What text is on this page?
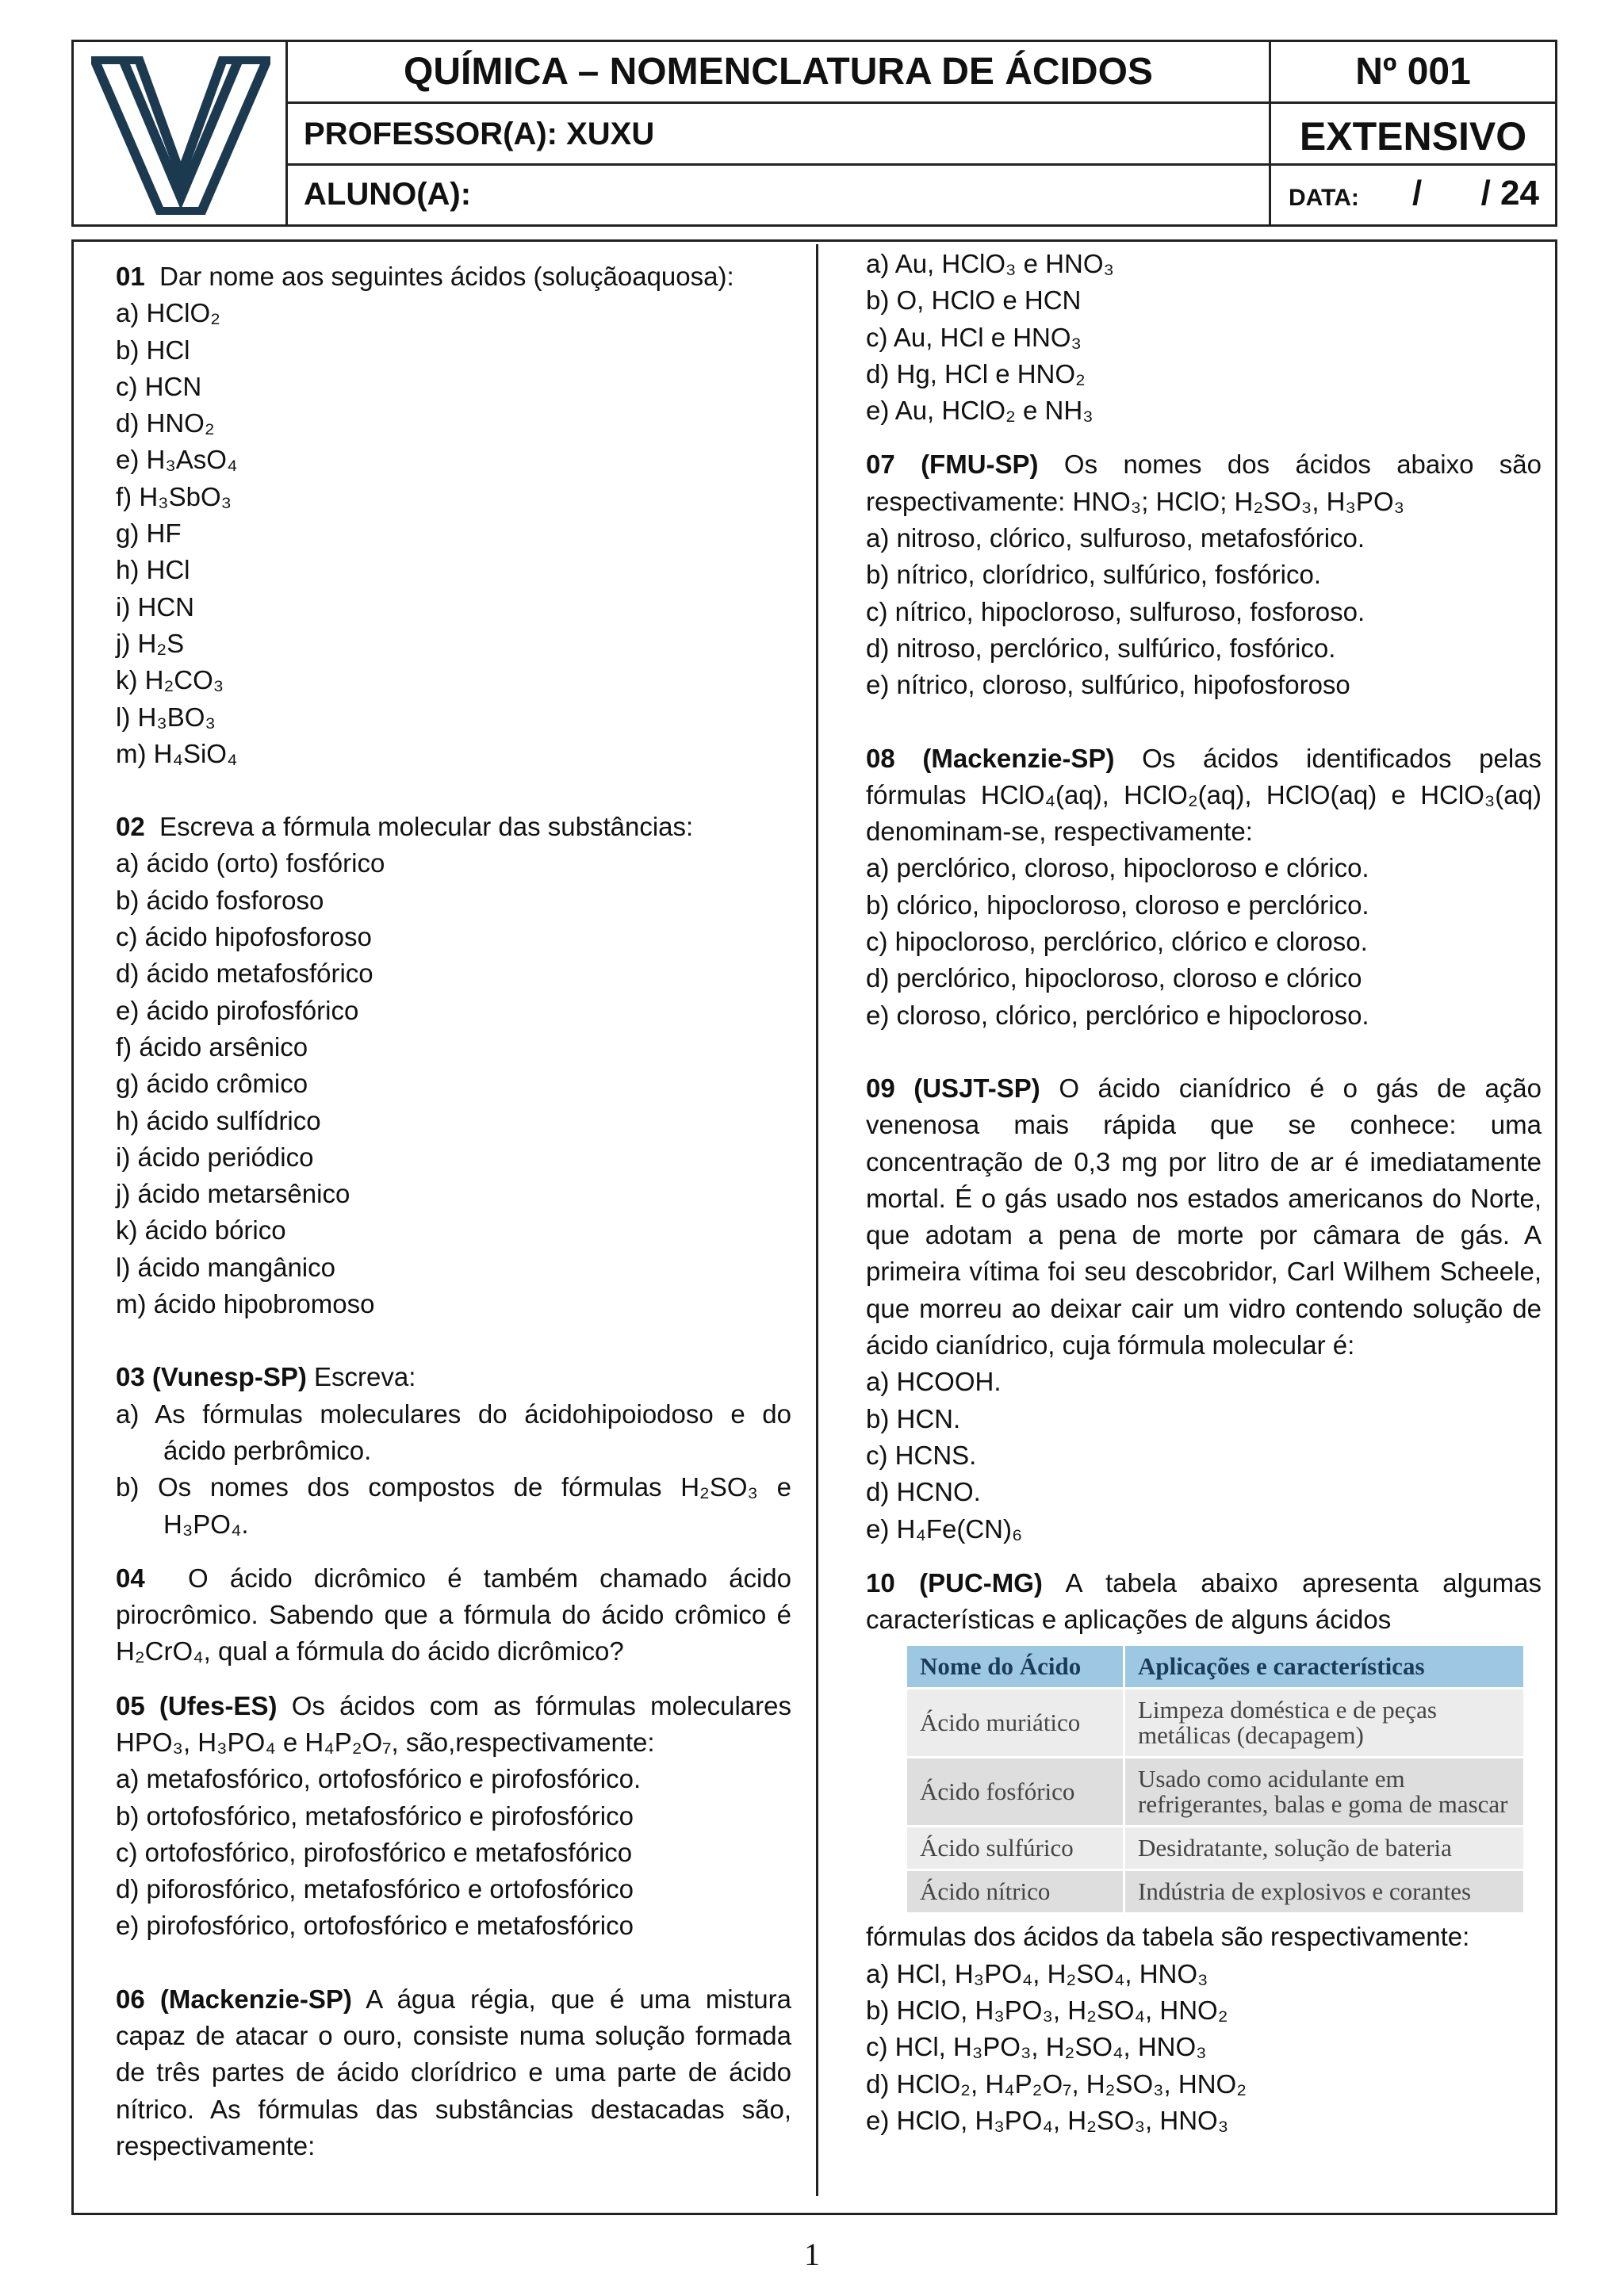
QUÍMICA – NOMENCLATURA DE ÁCIDOS	Nº 001
PROFESSOR(A): XUXU	EXTENSIVO
ALUNO(A):	DATA: / / 24
01 Dar nome aos seguintes ácidos (soluçãoaquosa):
a) HClO₂
b) HCl
c) HCN
d) HNO₂
e) H₃AsO₄
f) H₃SbO₃
g) HF
h) HCl
i) HCN
j) H₂S
k) H₂CO₃
l) H₃BO₃
m) H₄SiO₄
02 Escreva a fórmula molecular das substâncias:
a) ácido (orto) fosfórico
b) ácido fosforoso
c) ácido hipofosforoso
d) ácido metafosfórico
e) ácido pirofosfórico
f) ácido arsênico
g) ácido crômico
h) ácido sulfídrico
i) ácido periódico
j) ácido metarsênico
k) ácido bórico
l) ácido mangânico
m) ácido hipobromoso
03 (Vunesp-SP) Escreva:
a) As fórmulas moleculares do ácidohipoiodoso e do ácido perbrômico.
b) Os nomes dos compostos de fórmulas H₂SO₃ e H₃PO₄.
04 O ácido dicrômico é também chamado ácido pirocrômico. Sabendo que a fórmula do ácido crômico é H₂CrO₄, qual a fórmula do ácido dicrômico?
05 (Ufes-ES) Os ácidos com as fórmulas moleculares HPO₃, H₃PO₄ e H₄P₂O₇, são,respectivamente:
a) metafosfórico, ortofosfórico e pirofosfórico.
b) ortofosfórico, metafosfórico e pirofosfórico
c) ortofosfórico, pirofosfórico e metafosfórico
d) piforosfórico, metafosfórico e ortofosfórico
e) pirofosfórico, ortofosfórico e metafosfórico
06 (Mackenzie-SP) A água régia, que é uma mistura capaz de atacar o ouro, consiste numa solução formada de três partes de ácido clorídrico e uma parte de ácido nítrico. As fórmulas das substâncias destacadas são, respectivamente:
a) Au, HClO₃ e HNO₃
b) O, HClO e HCN
c) Au, HCl e HNO₃
d) Hg, HCl e HNO₂
e) Au, HClO₂ e NH₃
07 (FMU-SP) Os nomes dos ácidos abaixo são respectivamente: HNO₃; HClO; H₂SO₃, H₃PO₃
a) nitroso, clórico, sulfuroso, metafosfórico.
b) nítrico, clorídrico, sulfúrico, fosfórico.
c) nítrico, hipocloroso, sulfuroso, fosforoso.
d) nitroso, perclórico, sulfúrico, fosfórico.
e) nítrico, cloroso, sulfúrico, hipofosforoso
08 (Mackenzie-SP) Os ácidos identificados pelas fórmulas HClO₄(aq), HClO₂(aq), HClO(aq) e HClO₃(aq) denominam-se, respectivamente:
a) perclórico, cloroso, hipocloroso e clórico.
b) clórico, hipocloroso, cloroso e perclórico.
c) hipocloroso, perclórico, clórico e cloroso.
d) perclórico, hipocloroso, cloroso e clórico
e) cloroso, clórico, perclórico e hipocloroso.
09 (USJT-SP) O ácido cianídrico é o gás de ação venenosa mais rápida que se conhece: uma concentração de 0,3 mg por litro de ar é imediatamente mortal. É o gás usado nos estados americanos do Norte, que adotam a pena de morte por câmara de gás. A primeira vítima foi seu descobridor, Carl Wilhem Scheele, que morreu ao deixar cair um vidro contendo solução de ácido cianídrico, cuja fórmula molecular é:
a) HCOOH.
b) HCN.
c) HCNS.
d) HCNO.
e) H₄Fe(CN)₆
10 (PUC-MG) A tabela abaixo apresenta algumas características e aplicações de alguns ácidos
Nome do Ácido	Aplicações e características
Ácido muriático	Limpeza doméstica e de peças metálicas (decapagem)
Ácido fosfórico	Usado como acidulante em refrigerantes, balas e goma de mascar
Ácido sulfúrico	Desidratante, solução de bateria
Ácido nítrico	Indústria de explosivos e corantes
fórmulas dos ácidos da tabela são respectivamente:
a) HCl, H₃PO₄, H₂SO₄, HNO₃
b) HClO, H₃PO₃, H₂SO₄, HNO₂
c) HCl, H₃PO₃, H₂SO₄, HNO₃
d) HClO₂, H₄P₂O₇, H₂SO₃, HNO₂
e) HClO, H₃PO₄, H₂SO₃, HNO₃
1
